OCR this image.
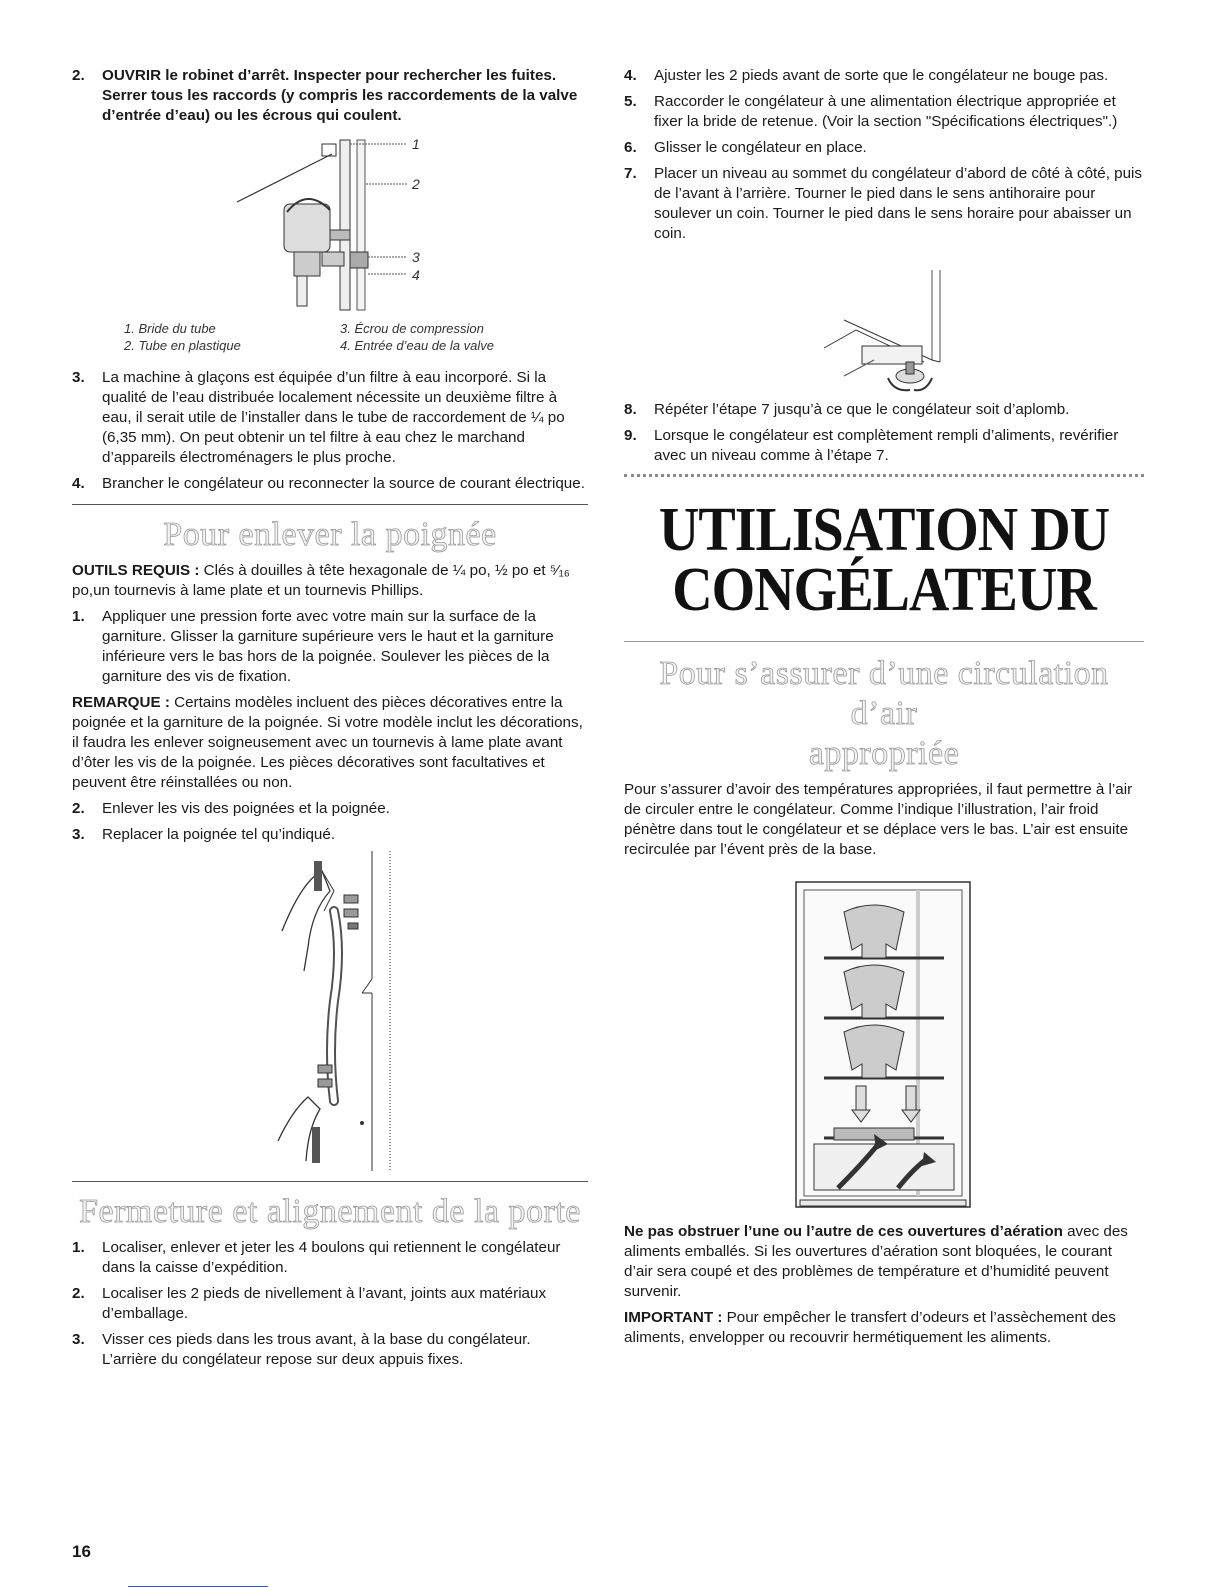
2. OUVRIR le robinet d’arrêt. Inspecter pour rechercher les fuites. Serrer tous les raccords (y compris les raccordements de la valve d’entrée d’eau) ou les écrous qui coulent.
1
2
3
4
1. Bride du tube
2. Tube en plastique
3. Écrou de compression
4. Entrée d’eau de la valve
3. La machine à glaçons est équipée d’un filtre à eau incorporé. Si la qualité de l’eau distribuée localement nécessite un deuxième filtre à eau, il serait utile de l’installer dans le tube de raccordement de ¼ po (6,35 mm). On peut obtenir un tel filtre à eau chez le marchand d’appareils électroménagers le plus proche.
4. Brancher le congélateur ou reconnecter la source de courant électrique.
Pour enlever la poignée
OUTILS REQUIS : Clés à douilles à tête hexagonale de ¼ po, ½ po et ⁵⁄₁₆ po,un tournevis à lame plate et un tournevis Phillips.
1. Appliquer une pression forte avec votre main sur la surface de la garniture. Glisser la garniture supérieure vers le haut et la garniture inférieure vers le bas hors de la poignée. Soulever les pièces de la garniture des vis de fixation.
REMARQUE : Certains modèles incluent des pièces décoratives entre la poignée et la garniture de la poignée. Si votre modèle inclut les décorations, il faudra les enlever soigneusement avec un tournevis à lame plate avant d’ôter les vis de la poignée. Les pièces décoratives sont facultatives et peuvent être réinstallées ou non.
2. Enlever les vis des poignées et la poignée.
3. Replacer la poignée tel qu’indiqué.
Fermeture et alignement de la porte
1. Localiser, enlever et jeter les 4 boulons qui retiennent le congélateur dans la caisse d’expédition.
2. Localiser les 2 pieds de nivellement à l’avant, joints aux matériaux d’emballage.
3. Visser ces pieds dans les trous avant, à la base du congélateur. L’arrière du congélateur repose sur deux appuis fixes.
4. Ajuster les 2 pieds avant de sorte que le congélateur ne bouge pas.
5. Raccorder le congélateur à une alimentation électrique appropriée et fixer la bride de retenue. (Voir la section "Spécifications électriques".)
6. Glisser le congélateur en place.
7. Placer un niveau au sommet du congélateur d’abord de côté à côté, puis de l’avant à l’arrière. Tourner le pied dans le sens antihoraire pour soulever un coin. Tourner le pied dans le sens horaire pour abaisser un coin.
8. Répéter l’étape 7 jusqu’à ce que le congélateur soit d’aplomb.
9. Lorsque le congélateur est complètement rempli d’aliments, revérifier avec un niveau comme à l’étape 7.
UTILISATION DU
CONGÉLATEUR
Pour s’assurer d’une circulation d’air
appropriée
Pour s’assurer d’avoir des températures appropriées, il faut permettre à l’air de circuler entre le congélateur. Comme l’indique l’illustration, l’air froid pénètre dans tout le congélateur et se déplace vers le bas. L’air est ensuite recirculée par l’évent près de la base.
Ne pas obstruer l’une ou l’autre de ces ouvertures d’aération avec des aliments emballés. Si les ouvertures d’aération sont bloquées, le courant d’air sera coupé et des problèmes de température et d’humidité peuvent survenir.
IMPORTANT : Pour empêcher le transfert d’odeurs et l’assèchement des aliments, envelopper ou recouvrir hermétiquement les aliments.
16
